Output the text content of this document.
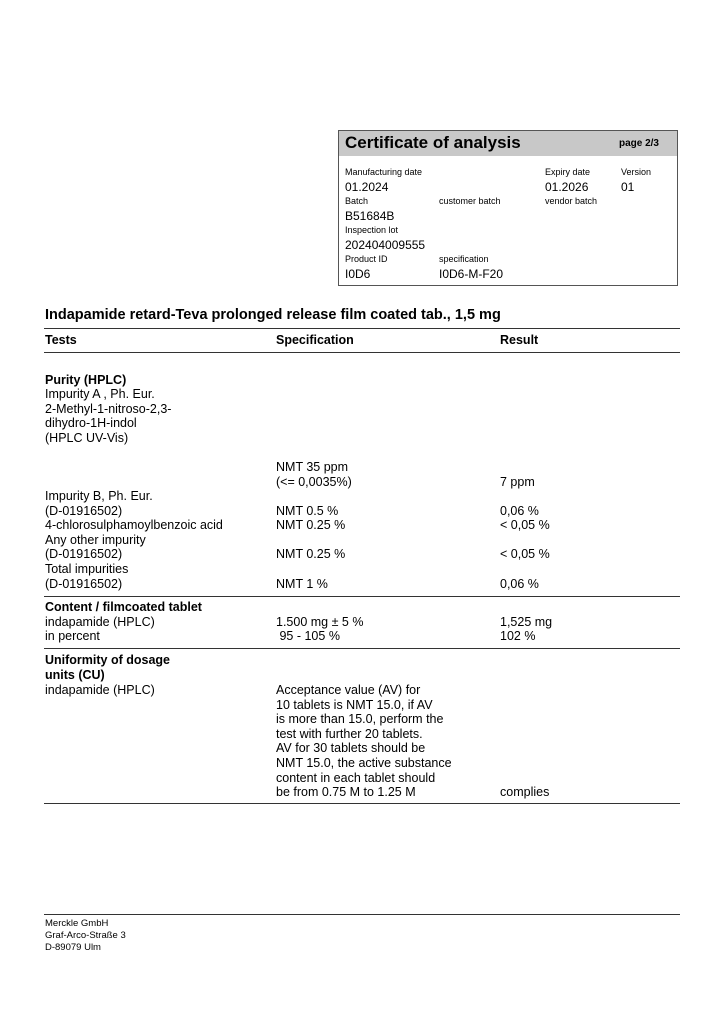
Certificate of analysis	page 2/3
Manufacturing date
01.2024
Expiry date
01.2026
Version
01
Batch
B51684B
customer batch	vendor batch
Inspection lot
202404009555
Product ID
I0D6
specification
I0D6-M-F20
Indapamide retard-Teva prolonged release film coated tab., 1,5 mg
Tests	Specification	Result
Purity (HPLC)
Impurity A , Ph. Eur.
2-Methyl-1-nitroso-2,3-
dihydro-1H-indol
(HPLC UV-Vis)
NMT 35 ppm
(<= 0,0035%)	7 ppm
Impurity B, Ph. Eur.
(D-01916502)	NMT 0.5 %	0,06 %
4-chlorosulphamoylbenzoic acid	NMT 0.25 %	< 0,05 %
Any other impurity
(D-01916502)	NMT 0.25 %	< 0,05 %
Total impurities
(D-01916502)	NMT 1 %	0,06 %
Content / filmcoated tablet
indapamide (HPLC)	1.500 mg ± 5 %	1,525 mg
in percent	95 - 105 %	102 %
Uniformity of dosage
units (CU)
indapamide (HPLC)	Acceptance value (AV) for
10 tablets is NMT 15.0, if AV
is more than 15.0, perform the
test with further 20 tablets.
AV for 30 tablets should be
NMT 15.0, the active substance
content in each tablet should
be from 0.75 M to 1.25 M	complies
Merckle GmbH
Graf-Arco-Straße 3
D-89079 Ulm
